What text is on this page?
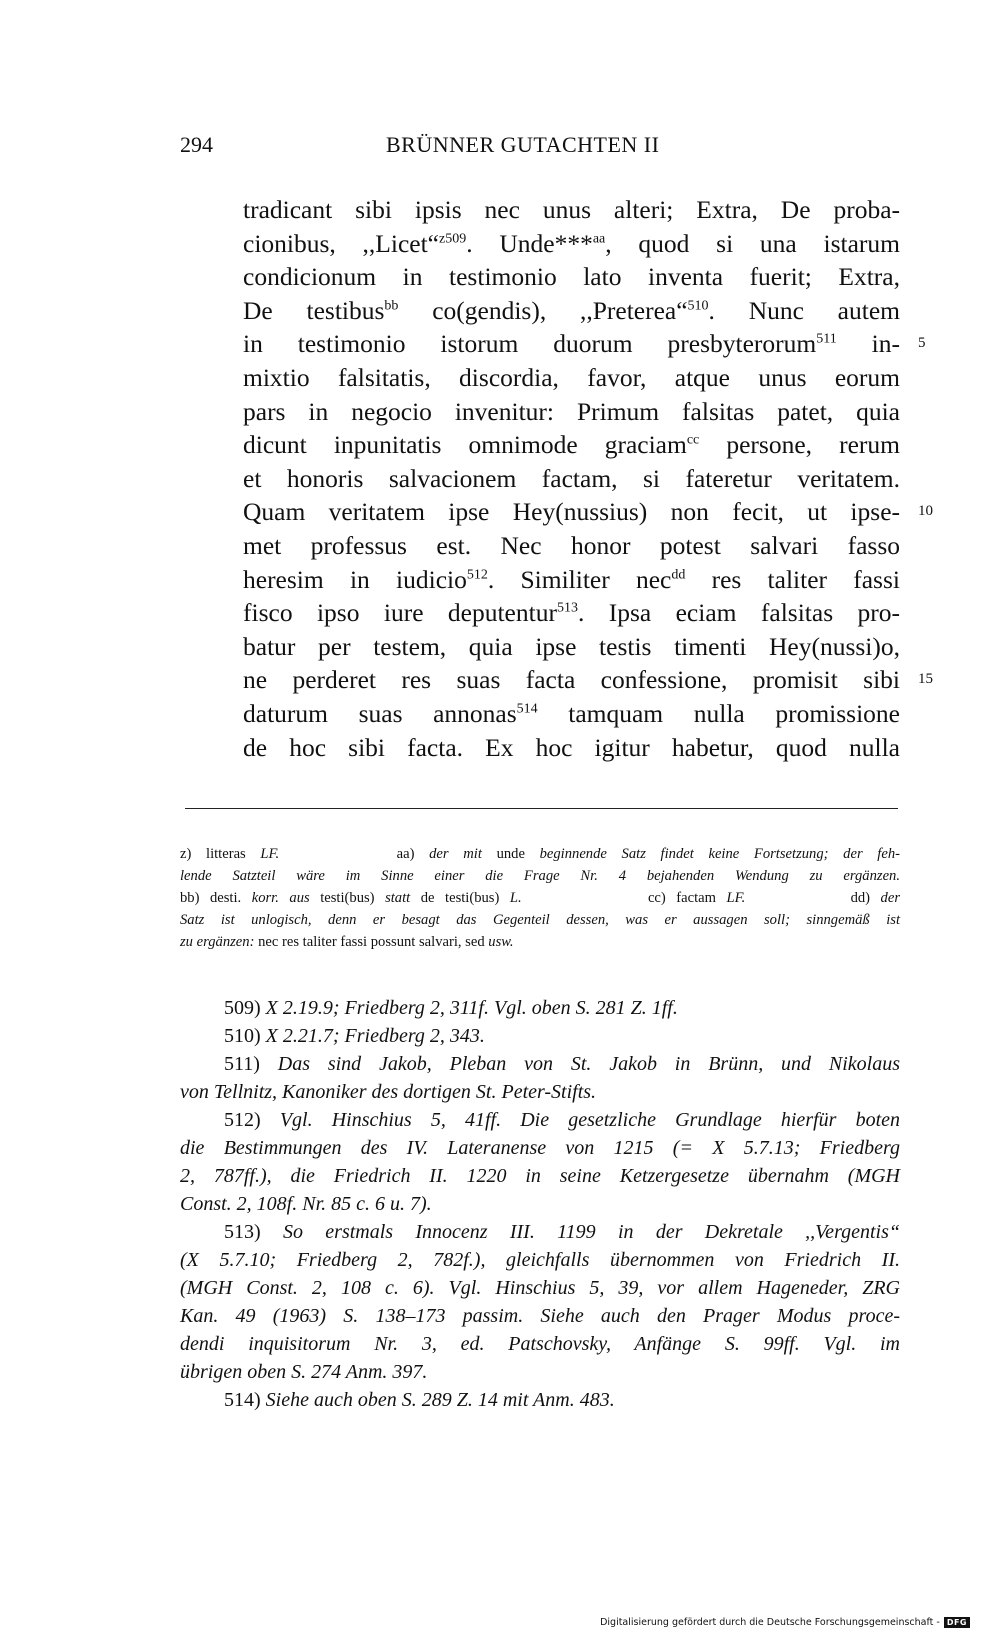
294	BRÜNNER GUTACHTEN II
tradicant sibi ipsis nec unus alteri; Extra, De proba-
cionibus, ,,Licet“$^{z509}$. Unde***$^{aa}$, quod si una istarum
condicionum in testimonio lato inventa fuerit; Extra,
De testibus$^{bb}$ co(gendis), ,,Preterea“$^{510}$. Nunc autem
in testimonio istorum duorum presbyterorum$^{511}$ in- 5
mixtio falsitatis, discordia, favor, atque unus eorum
pars in negocio invenitur: Primum falsitas patet, quia
dicunt inpunitatis omnimode graciam$^{cc}$ persone, rerum
et honoris salvacionem factam, si fateretur veritatem.
Quam veritatem ipse Hey(nussius) non fecit, ut ipse- 10
met professus est. Nec honor potest salvari fasso
heresim in iudicio$^{512}$. Similiter nec$^{dd}$ res taliter fassi
fisco ipso iure deputentur$^{513}$. Ipsa eciam falsitas pro-
batur per testem, quia ipse testis timenti Hey(nussi)o,
ne perderet res suas facta confessione, promisit sibi 15
daturum suas annonas$^{514}$ tamquam nulla promissione
de hoc sibi facta. Ex hoc igitur habetur, quod nulla
z) litteras LF.	aa) der mit unde beginnende Satz findet keine Fortsetzung; der feh-
lende Satzteil wäre im Sinne einer die Frage Nr. 4 bejahenden Wendung zu ergänzen.
bb) desti. korr. aus testi(bus) statt de testi(bus) L.	cc) factam LF.	dd) der
Satz ist unlogisch, denn er besagt das Gegenteil dessen, was er aussagen soll; sinngemäß ist
zu ergänzen: nec res taliter fassi possunt salvari, sed usw.
509) X 2.19.9; Friedberg 2, 311f. Vgl. oben S. 281 Z. 1ff.
510) X 2.21.7; Friedberg 2, 343.
511) Das sind Jakob, Pleban von St. Jakob in Brünn, und Nikolaus
von Tellnitz, Kanoniker des dortigen St. Peter-Stifts.
512) Vgl. Hinschius 5, 41ff. Die gesetzliche Grundlage hierfür boten
die Bestimmungen des IV. Lateranense von 1215 (= X 5.7.13; Friedberg
2, 787ff.), die Friedrich II. 1220 in seine Ketzergesetze übernahm (MGH
Const. 2, 108f. Nr. 85 c. 6 u. 7).
513) So erstmals Innocenz III. 1199 in der Dekretale ,,Vergentis“
(X 5.7.10; Friedberg 2, 782f.), gleichfalls übernommen von Friedrich II.
(MGH Const. 2, 108 c. 6). Vgl. Hinschius 5, 39, vor allem Hageneder, ZRG
Kan. 49 (1963) S. 138–173 passim. Siehe auch den Prager Modus proce-
dendi inquisitorum Nr. 3, ed. Patschovsky, Anfänge S. 99ff. Vgl. im
übrigen oben S. 274 Anm. 397.
514) Siehe auch oben S. 289 Z. 14 mit Anm. 483.
Digitalisierung gefördert durch die Deutsche Forschungsgemeinschaft - DFG
